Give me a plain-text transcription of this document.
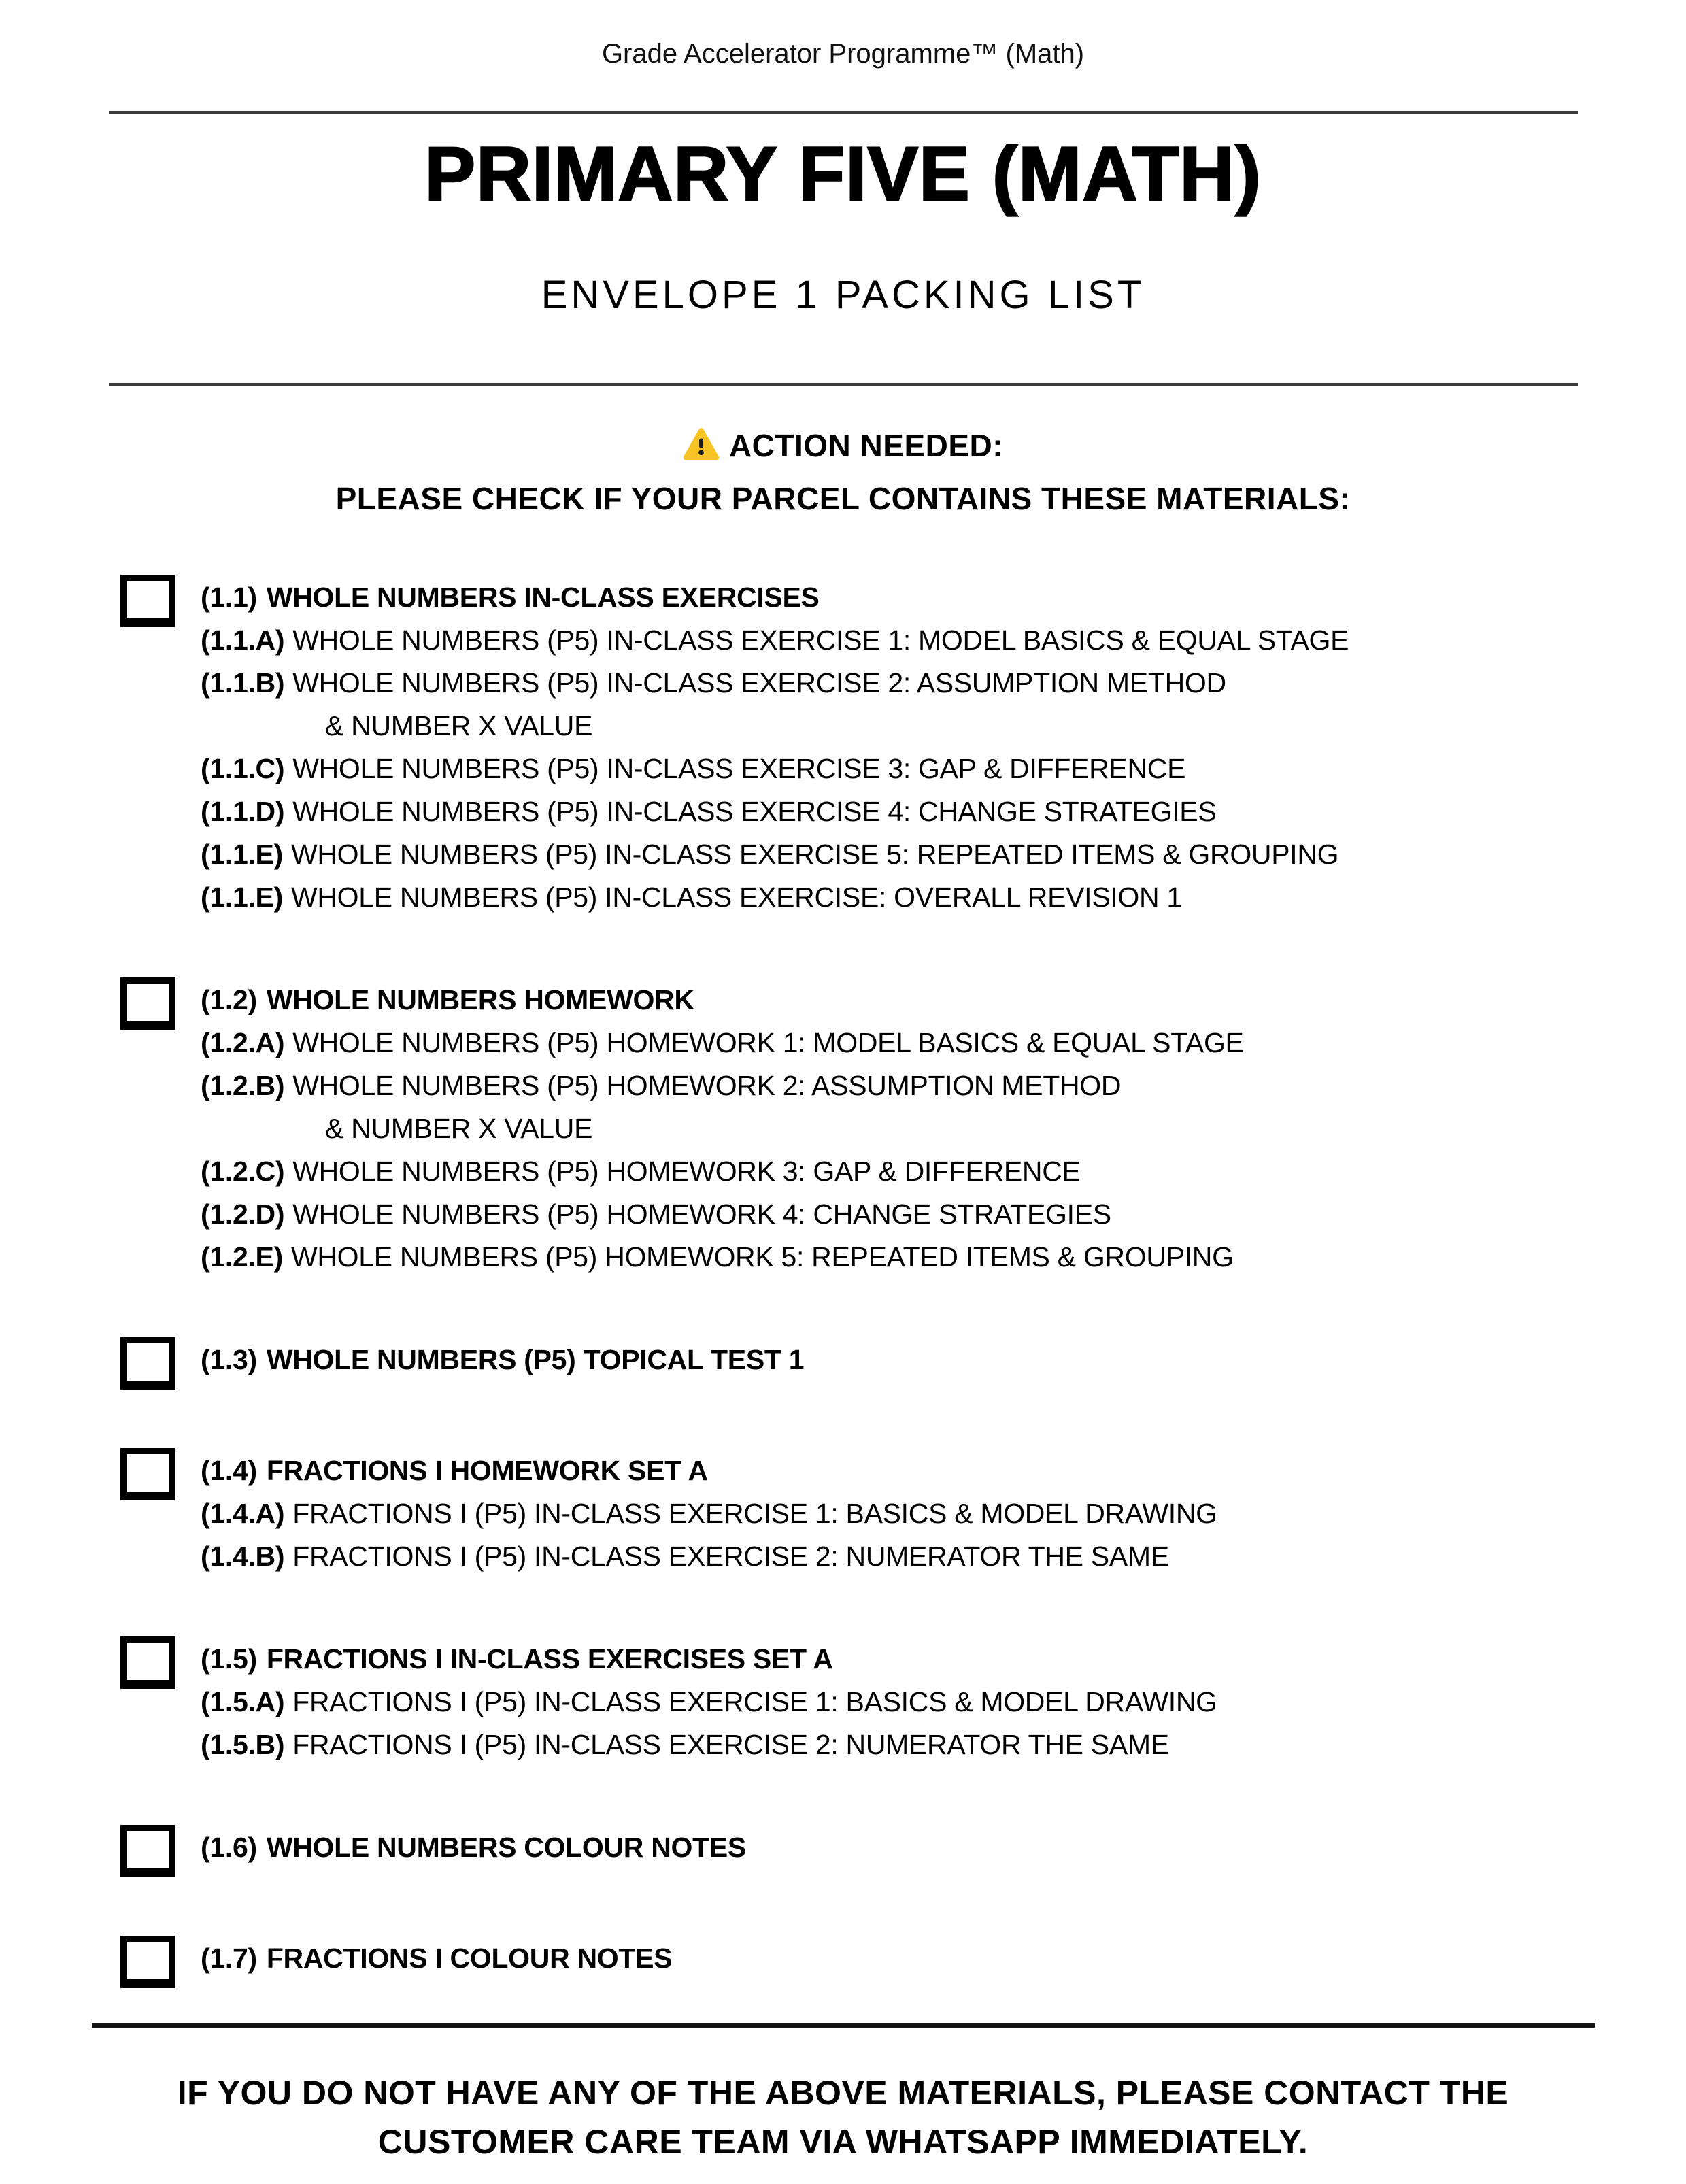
Grade Accelerator Programme™ (Math)
PRIMARY FIVE (MATH)
ENVELOPE 1 PACKING LIST
ACTION NEEDED:
PLEASE CHECK IF YOUR PARCEL CONTAINS THESE MATERIALS:
(1.1) WHOLE NUMBERS IN-CLASS EXERCISES
(1.1.A) WHOLE NUMBERS (P5) IN-CLASS EXERCISE 1: MODEL BASICS & EQUAL STAGE
(1.1.B) WHOLE NUMBERS (P5) IN-CLASS EXERCISE 2: ASSUMPTION METHOD
& NUMBER X VALUE
(1.1.C) WHOLE NUMBERS (P5) IN-CLASS EXERCISE 3: GAP & DIFFERENCE
(1.1.D) WHOLE NUMBERS (P5) IN-CLASS EXERCISE 4: CHANGE STRATEGIES
(1.1.E) WHOLE NUMBERS (P5) IN-CLASS EXERCISE 5: REPEATED ITEMS & GROUPING
(1.1.E) WHOLE NUMBERS (P5) IN-CLASS EXERCISE: OVERALL REVISION 1
(1.2) WHOLE NUMBERS HOMEWORK
(1.2.A) WHOLE NUMBERS (P5) HOMEWORK 1: MODEL BASICS & EQUAL STAGE
(1.2.B) WHOLE NUMBERS (P5) HOMEWORK 2: ASSUMPTION METHOD
& NUMBER X VALUE
(1.2.C) WHOLE NUMBERS (P5) HOMEWORK 3: GAP & DIFFERENCE
(1.2.D) WHOLE NUMBERS (P5) HOMEWORK 4: CHANGE STRATEGIES
(1.2.E) WHOLE NUMBERS (P5) HOMEWORK 5: REPEATED ITEMS & GROUPING
(1.3) WHOLE NUMBERS (P5) TOPICAL TEST 1
(1.4) FRACTIONS I HOMEWORK SET A
(1.4.A) FRACTIONS I (P5) IN-CLASS EXERCISE 1: BASICS & MODEL DRAWING
(1.4.B) FRACTIONS I (P5) IN-CLASS EXERCISE 2: NUMERATOR THE SAME
(1.5) FRACTIONS I IN-CLASS EXERCISES SET A
(1.5.A) FRACTIONS I (P5) IN-CLASS EXERCISE 1: BASICS & MODEL DRAWING
(1.5.B) FRACTIONS I (P5) IN-CLASS EXERCISE 2: NUMERATOR THE SAME
(1.6) WHOLE NUMBERS COLOUR NOTES
(1.7) FRACTIONS I COLOUR NOTES
IF YOU DO NOT HAVE ANY OF THE ABOVE MATERIALS, PLEASE CONTACT THE
CUSTOMER CARE TEAM VIA WHATSAPP IMMEDIATELY.
